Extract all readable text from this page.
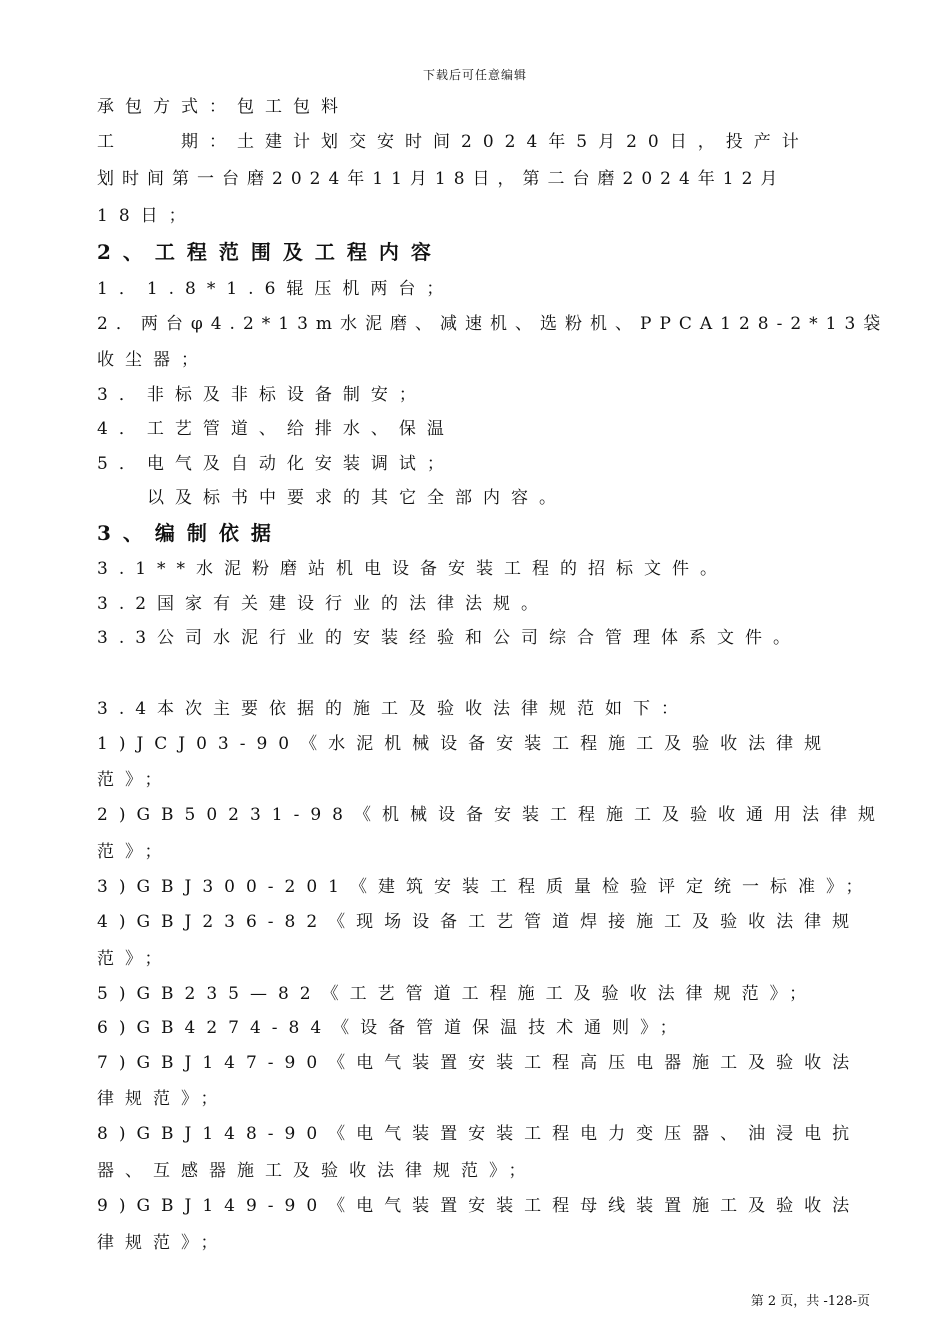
下载后可任意编辑
承包方式：包工包料
工　　期：土建计划交安时间2024年5月20日，投产计
划时间第一台磨2024年11月18日，第二台磨2024年12月
18日；
2、工程范围及工程内容
1．1.8*1.6辊压机两台；
2．两台φ4.2*13m水泥磨、减速机、选粉机、PPCA128-2*13袋
收尘器；
3．非标及非标设备制安；
4．工艺管道、给排水、保温
5．电气及自动化安装调试；
以及标书中要求的其它全部内容。
3、编制依据
3.1**水泥粉磨站机电设备安装工程的招标文件。
3.2国家有关建设行业的法律法规。
3.3公司水泥行业的安装经验和公司综合管理体系文件。
3.4本次主要依据的施工及验收法律规范如下：
1)JCJ03-90《水泥机械设备安装工程施工及验收法律规
范》；
2)GB50231-98《机械设备安装工程施工及验收通用法律规
范》；
3)GBJ300-201《建筑安装工程质量检验评定统一标准》；
4)GBJ236-82《现场设备工艺管道焊接施工及验收法律规
范》；
5)GB235—82《工艺管道工程施工及验收法律规范》；
6)GB4274-84《设备管道保温技术通则》；
7)GBJ147-90《电气装置安装工程高压电器施工及验收法
律规范》；
8)GBJ148-90《电气装置安装工程电力变压器、油浸电抗
器、互感器施工及验收法律规范》；
9)GBJ149-90《电气装置安装工程母线装置施工及验收法
律规范》；
第 2 页，共 -128-页
